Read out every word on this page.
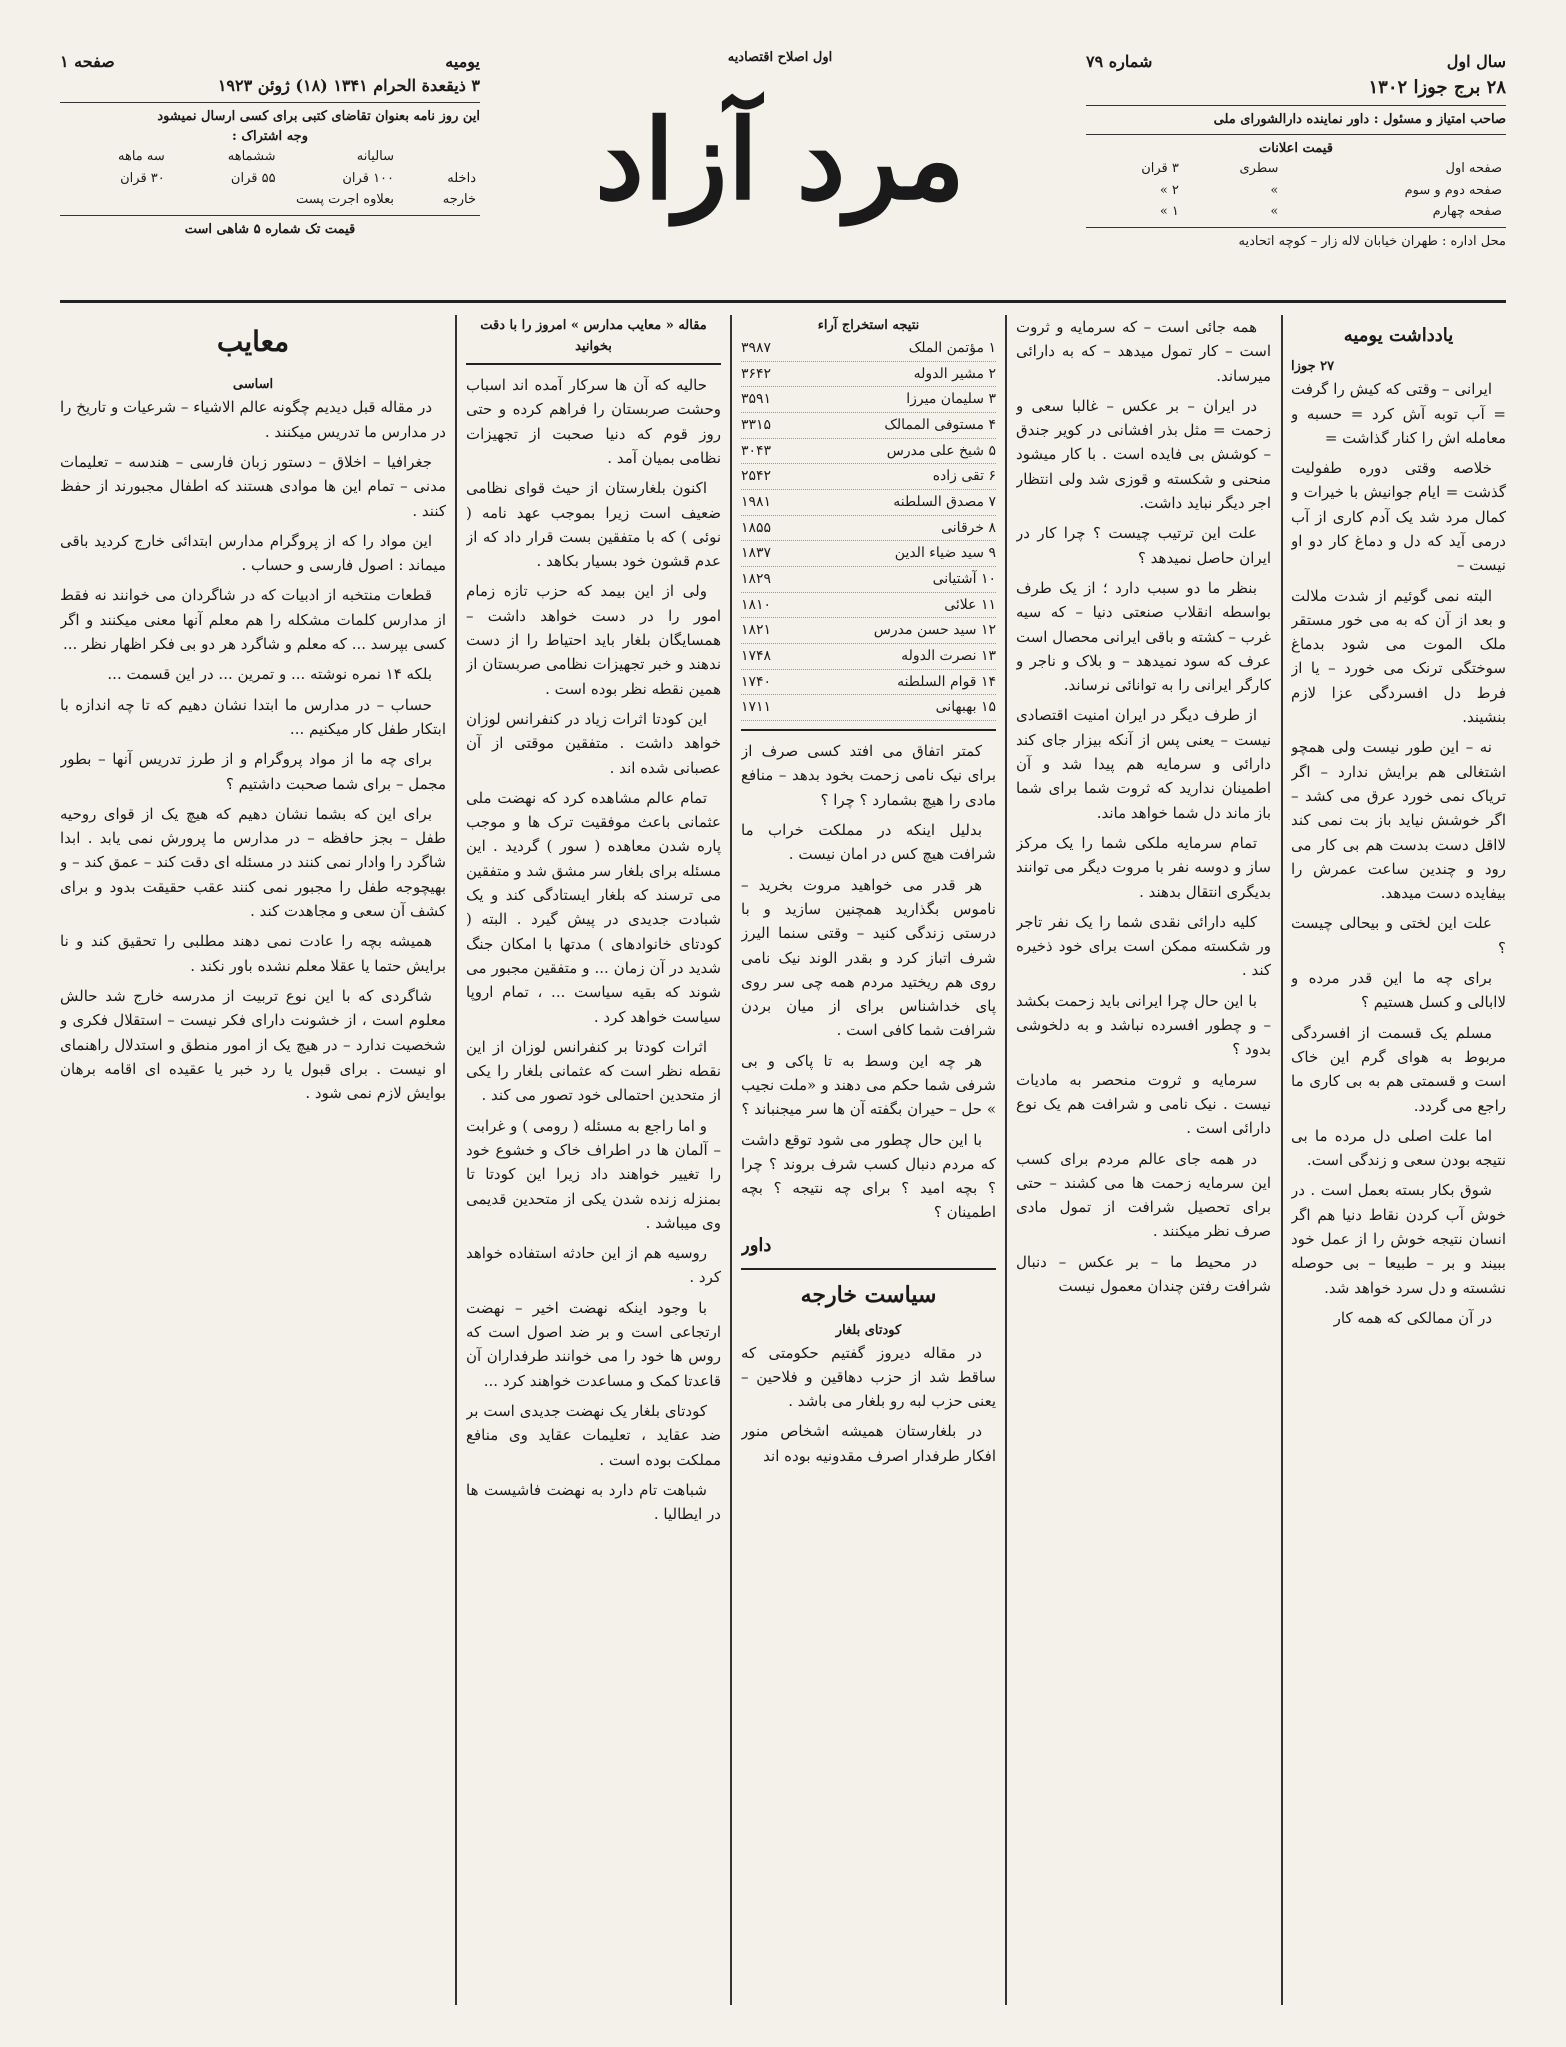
سال اول
شماره ۷۹
۲۸ برج جوزا ۱۳۰۲
صاحب امتیاز و مسئول : داور نماینده دارالشورای ملی
قیمت اعلانات
صفحه اول	سطری	۳ قران
صفحه دوم و سوم	»	۲ »
صفحه چهارم	»	۱ »
محل اداره : طهران خیابان لاله زار – کوچه اتحادیه
اول اصلاح اقتصادیه
مرد آزاد
یومیه
صفحه ۱
۳ ذیقعدة الحرام ۱۳۴۱ (۱۸) ژوئن ۱۹۲۳
این روز نامه بعنوان تقاضای کتبی برای کسی ارسال نمیشود
وجه اشتراک :
	سالیانه	ششماهه	سه ماهه
داخله	۱۰۰ قران	۵۵ قران	۳۰ قران
خارجه	بعلاوه اجرت پست		
قیمت تک شماره ۵ شاهی است
یادداشت یومیه
۲۷ جوزا

ایرانی – وقتی که کیش را گرفت = آب توبه آش کرد = حسبه و معامله اش را کنار گذاشت =

خلاصه وقتی دوره طفولیت گذشت = ایام جوانیش با خیرات و کمال مرد شد یک آدم کاری از آب درمی آید که دل و دماغ کار دو او نیست –

البته نمی گوئیم از شدت ملالت و بعد از آن که به می خور مستقر ملک الموت می شود بدماغ سوختگی ترنک می خورد – یا از فرط دل افسردگی عزا لازم بنشیند.

نه – این طور نیست ولی همچو اشتغالی هم برایش ندارد – اگر تریاک نمی خورد عرق می کشد – اگر خوشش نیاید باز بت نمی کند لااقل دست بدست هم بی کار می رود و چندین ساعت عمرش را بیفایده دست میدهد.

علت این لختی و بیحالی چیست ؟

برای چه ما این قدر مرده و لاابالی و کسل هستیم ؟

مسلم یک قسمت از افسردگی مربوط به هوای گرم این خاک است و قسمتی هم به بی کاری ما راجع می گردد.

اما علت اصلی دل مرده ما بی نتیجه بودن سعی و زندگی است.

شوق بکار بسته بعمل است . در خوش آب کردن نقاط دنیا هم اگر انسان نتیجه خوش را از عمل خود ببیند و بر – طبیعا – بی حوصله نشسته و دل سرد خواهد شد.

در آن ممالکی که همه کار

همه جائی است – که سرمایه و ثروت است – کار تمول میدهد – که به دارائی میرساند.

در ایران – بر عکس – غالبا سعی و زحمت = مثل بذر افشانی در کویر جندق – کوشش بی فایده است . با کار میشود منحنی و شکسته و قوزی شد ولی انتظار اجر دیگر نباید داشت.

علت این ترتیب چیست ؟ چرا کار در ایران حاصل نمیدهد ؟

بنظر ما دو سبب دارد ؛ از یک طرف بواسطه انقلاب صنعتی دنیا – که سیه غرب – کشته و باقی ایرانی محصال است عرف که سود نمیدهد – و بلاک و ناجر و کارگر ایرانی را به توانائی نرساند.

از طرف دیگر در ایران امنیت اقتصادی نیست – یعنی پس از آنکه بیزار جای کند دارائی و سرمایه هم پیدا شد و آن اطمینان ندارید که ثروت شما برای شما باز ماند دل شما خواهد ماند.

تمام سرمایه ملکی شما را یک مرکز ساز و دوسه نفر با مروت دیگر می توانند بدیگری انتقال بدهند .

کلیه دارائی نقدی شما را یک نفر تاجر ور شکسته ممکن است برای خود ذخیره کند .

با این حال چرا ایرانی باید زحمت بکشد – و چطور افسرده نباشد و به دلخوشی بدود ؟

سرمایه و ثروت منحصر به مادیات نیست . نیک نامی و شرافت هم یک نوع دارائی است .

در همه جای عالم مردم برای کسب این سرمایه زحمت ها می کشند – حتی برای تحصیل شرافت از تمول مادی صرف نظر میکنند .

در محیط ما – بر عکس – دنبال شرافت رفتن چندان معمول نیست

نتیجه استخراج آراء
۱ مؤتمن الملک
۳۹۸۷
۲ مشیر الدوله
۳۶۴۲
۳ سلیمان میرزا
۳۵۹۱
۴ مستوفی الممالک
۳۳۱۵
۵ شیخ علی مدرس
۳۰۴۳
۶ تقی زاده
۲۵۴۲
۷ مصدق السلطنه
۱۹۸۱
۸ خرقانی
۱۸۵۵
۹ سید ضیاء الدین
۱۸۳۷
۱۰ آشتیانی
۱۸۲۹
۱۱ علائی
۱۸۱۰
۱۲ سید حسن مدرس
۱۸۲۱
۱۳ نصرت الدوله
۱۷۴۸
۱۴ قوام السلطنه
۱۷۴۰
۱۵ بهبهانی
۱۷۱۱

کمتر اتفاق می افتد کسی صرف از برای نیک نامی زحمت بخود بدهد – منافع مادی را هیچ بشمارد ؟ چرا ؟

بدلیل اینکه در مملکت خراب ما شرافت هیچ کس در امان نیست .

هر قدر می خواهید مروت بخرید – ناموس بگذارید همچنین سازید و با درستی زندگی کنید – وقتی سنما الیرز شرف اتباز کرد و بقدر الوند نیک نامی روی هم ریختید مردم همه چی سر روی پای خداشناس برای از میان بردن شرافت شما کافی است .

هر چه این وسط به تا پاکی و بی شرفی شما حکم می دهند و «ملت نجیب » حل – حیران بگفته آن ها سر میجنباند ؟

با این حال چطور می شود توقع داشت که مردم دنبال کسب شرف بروند ؟ چرا ؟ بچه امید ؟ برای چه نتیجه ؟ بچه اطمینان ؟

داور
سیاست خارجه
کودتای بلغار

در مقاله دیروز گفتیم حکومتی که ساقط شد از حزب دهاقین و فلاحین – یعنی حزب لبه رو بلغار می باشد .

در بلغارستان همیشه اشخاص منور افکار طرفدار اصرف مقدونیه بوده اند

مقاله « معایب مدارس » امروز را با دقت بخوانید

حالیه که آن ها سرکار آمده اند اسباب وحشت صربستان را فراهم کرده و حتی روز قوم که دنیا صحبت از تجهیزات نظامی بمیان آمد .

اکنون بلغارستان از حیث قوای نظامی ضعیف است زیرا بموجب عهد نامه ( نوئی ) که با متفقین بست قرار داد که از عدم قشون خود بسیار بکاهد .

ولی از این بیمد که حزب تازه زمام امور را در دست خواهد داشت – همسایگان بلغار باید احتیاط را از دست ندهند و خبر تجهیزات نظامی صربستان از همین نقطه نظر بوده است .

این کودتا اثرات زیاد در کنفرانس لوزان خواهد داشت . متفقین موقتی از آن عصبانی شده اند .

تمام عالم مشاهده کرد که نهضت ملی عثمانی باعث موفقیت ترک ها و موجب پاره شدن معاهده ( سور ) گردید . این مسئله برای بلغار سر مشق شد و متفقین می ترسند که بلغار ایستادگی کند و یک شبادت جدیدی در پیش گیرد . البته ( کودتای خانوادهای ) مدتها با امکان جنگ شدید در آن زمان ... و متفقین مجبور می شوند که بقیه سیاست ... ، تمام اروپا سیاست خواهد کرد .

اثرات کودتا بر کنفرانس لوزان از این نقطه نظر است که عثمانی بلغار را یکی از متحدین احتمالی خود تصور می کند .

و اما راجع به مسئله ( رومی ) و غرابت – آلمان ها در اطراف خاک و خشوع خود را تغییر خواهند داد زیرا این کودتا تا بمنزله زنده شدن یکی از متحدین قدیمی وی میباشد .

روسیه هم از این حادثه استفاده خواهد کرد .

با وجود اینکه نهضت اخیر – نهضت ارتجاعی است و بر ضد اصول است که روس ها خود را می خوانند طرفداران آن قاعدتا کمک و مساعدت خواهند کرد ...

کودتای بلغار یک نهضت جدیدی است بر ضد عقاید ، تعلیمات عقاید وی منافع مملکت بوده است .

شباهت تام دارد به نهضت فاشیست ها در ایطالیا .

معایب
اساسی

در مقاله قبل دیدیم چگونه عالم الاشیاء – شرعیات و تاریخ را در مدارس ما تدریس میکنند .

جغرافیا – اخلاق – دستور زبان فارسی – هندسه – تعلیمات مدنی – تمام این ها موادی هستند که اطفال مجبورند از حفظ کنند .

این مواد را که از پروگرام مدارس ابتدائی خارج کردید باقی میماند : اصول فارسی و حساب .

قطعات منتخبه از ادبیات که در شاگردان می خوانند نه فقط از مدارس کلمات مشکله را هم معلم آنها معنی میکنند و اگر کسی بپرسد ... که معلم و شاگرد هر دو بی فکر اظهار نظر ...

بلکه ۱۴ نمره نوشته ... و تمرین ... در این قسمت ...

حساب – در مدارس ما ابتدا نشان دهیم که تا چه اندازه با ابتکار طفل کار میکنیم ...

برای چه ما از مواد پروگرام و از طرز تدریس آنها – بطور مجمل – برای شما صحبت داشتیم ؟

برای این که بشما نشان دهیم که هیچ یک از قوای روحیه طفل – بجز حافظه – در مدارس ما پرورش نمی یابد . ابدا شاگرد را وادار نمی کنند در مسئله ای دقت کند – عمق کند – و بهیچوجه طفل را مجبور نمی کنند عقب حقیقت بدود و برای کشف آن سعی و مجاهدت کند .

همیشه بچه را عادت نمی دهند مطلبی را تحقیق کند و نا برایش حتما یا عقلا معلم نشده باور نکند .

شاگردی که با این نوع تربیت از مدرسه خارج شد حالش معلوم است ، از خشونت دارای فکر نیست – استقلال فکری و شخصیت ندارد – در هیچ یک از امور منطق و استدلال راهنمای او نیست . برای قبول یا رد خبر یا عقیده ای اقامه برهان بوایش لازم نمی شود .
